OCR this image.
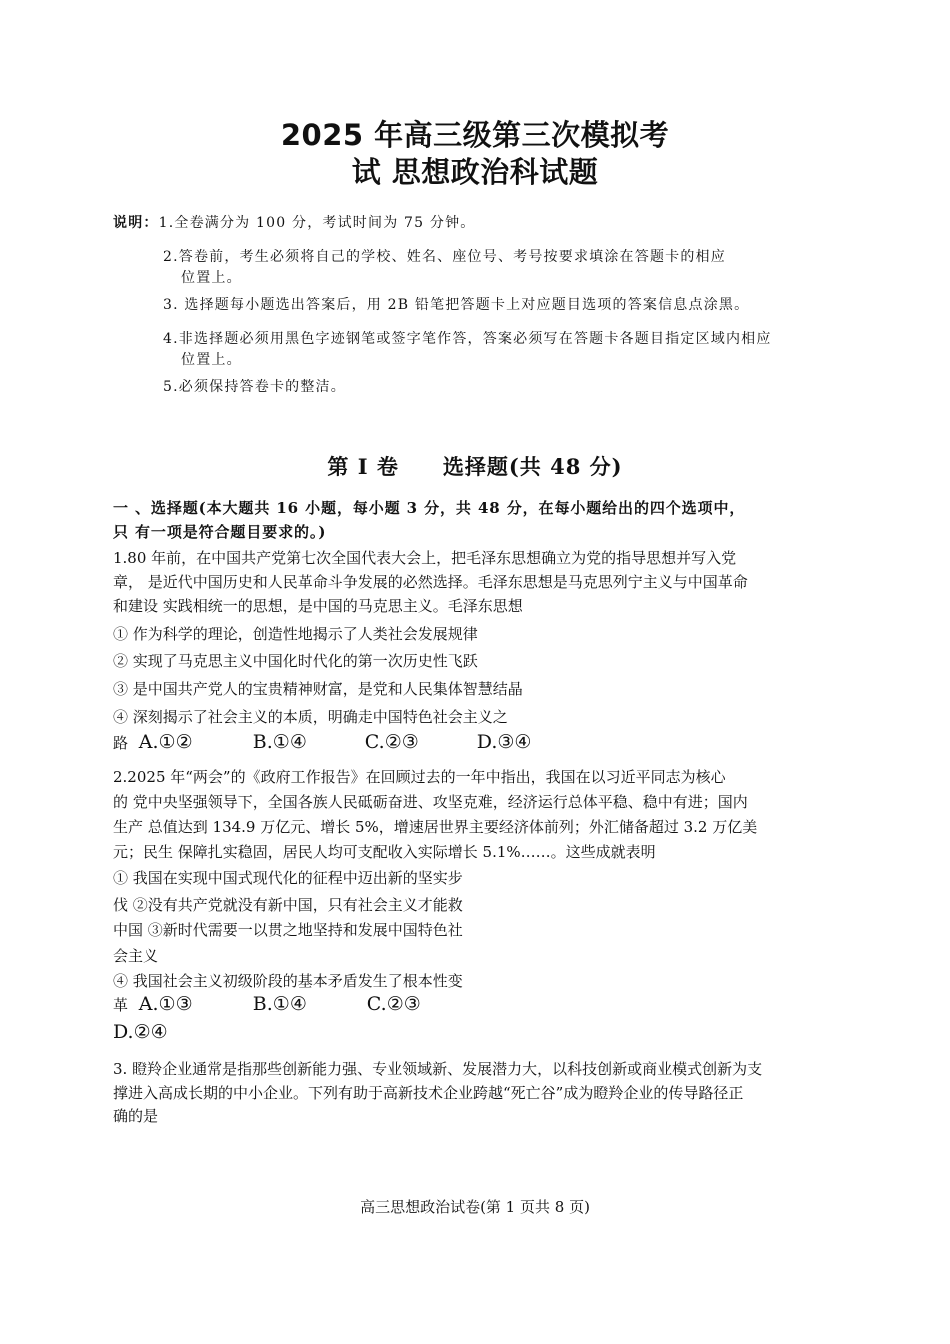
2025 年高三级第三次模拟考
试 思想政治科试题
说明：1.全卷满分为 100 分，考试时间为 75 分钟。
2.答卷前，考生必须将自己的学校、姓名、座位号、考号按要求填涂在答题卡的相应
位置上。
3. 选择题每小题选出答案后，用 2B 铅笔把答题卡上对应题目选项的答案信息点涂黑。
4.非选择题必须用黑色字迹钢笔或签字笔作答，答案必须写在答题卡各题目指定区域内相应
位置上。
5.必须保持答卷卡的整洁。
第 I 卷 选择题(共 48 分)
一 、选择题(本大题共 16 小题，每小题 3 分，共 48 分，在每小题给出的四个选项中，
只 有一项是符合题目要求的。)
1.80 年前，在中国共产党第七次全国代表大会上，把毛泽东思想确立为党的指导思想并写入党
章， 是近代中国历史和人民革命斗争发展的必然选择。毛泽东思想是马克思列宁主义与中国革命
和建设 实践相统一的思想，是中国的马克思主义。毛泽东思想
① 作为科学的理论，创造性地揭示了人类社会发展规律
② 实现了马克思主义中国化时代化的第一次历史性飞跃
③ 是中国共产党人的宝贵精神财富，是党和人民集体智慧结晶
④ 深刻揭示了社会主义的本质，明确走中国特色社会主义之
路 A.①②	B.①④	C.②③	D.③④
2.2025 年“两会”的《政府工作报告》在回顾过去的一年中指出，我国在以习近平同志为核心
的 党中央坚强领导下，全国各族人民砥砺奋进、攻坚克难，经济运行总体平稳、稳中有进；国内
生产 总值达到 134.9 万亿元、增长 5%，增速居世界主要经济体前列；外汇储备超过 3.2 万亿美
元；民生 保障扎实稳固，居民人均可支配收入实际增长 5.1%……。这些成就表明
① 我国在实现中国式现代化的征程中迈出新的坚实步
伐 ②没有共产党就没有新中国，只有社会主义才能救
中国 ③新时代需要一以贯之地坚持和发展中国特色社
会主义
④ 我国社会主义初级阶段的基本矛盾发生了根本性变
革 A.①③	B.①④	C.②③
D.②④
3. 瞪羚企业通常是指那些创新能力强、专业领域新、发展潜力大，以科技创新或商业模式创新为支
撑进入高成长期的中小企业。下列有助于高新技术企业跨越“死亡谷”成为瞪羚企业的传导路径正
确的是
高三思想政治试卷(第 1 页共 8 页)
